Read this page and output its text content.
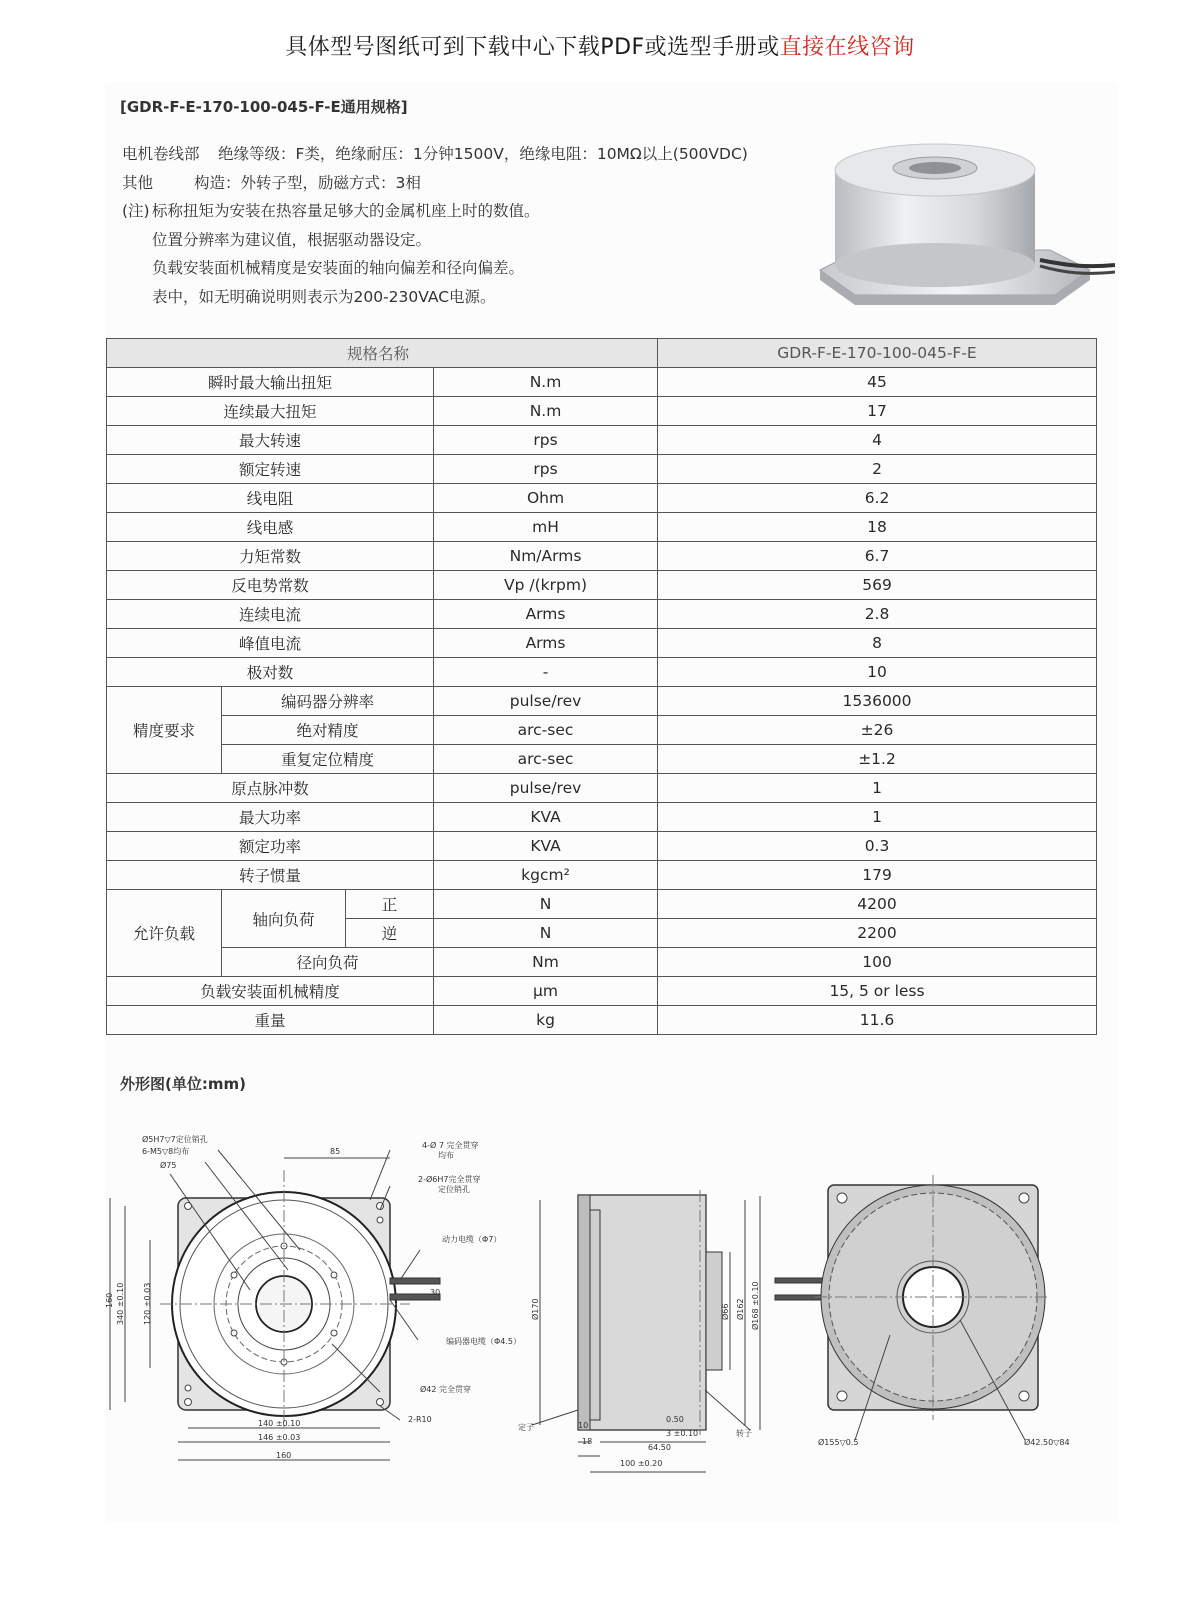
具体型号图纸可到下载中心下载PDF或选型手册或直接在线咨询
[GDR-F-E-170-100-045-F-E通用规格]
电机卷线部 绝缘等级：F类，绝缘耐压：1分钟1500V，绝缘电阻：10MΩ以上(500VDC)
其他	构造：外转子型，励磁方式：3相
(注) 标称扭矩为安装在热容量足够大的金属机座上时的数值。
位置分辨率为建议值，根据驱动器设定。
负载安装面机械精度是安装面的轴向偏差和径向偏差。
表中，如无明确说明则表示为200-230VAC电源。
规格名称				GDR-F-E-170-100-045-F-E
瞬时最大输出扭矩			N.m	45
连续最大扭矩			N.m	17
最大转速			rps	4
额定转速			rps	2
线电阻			Ohm	6.2
线电感			mH	18
力矩常数			Nm/Arms	6.7
反电势常数			Vp /(krpm)	569
连续电流			Arms	2.8
峰值电流			Arms	8
极对数			-	10
精度要求	编码器分辨率		pulse/rev	1536000
	绝对精度		arc-sec	±26
	重复定位精度		arc-sec	±1.2
原点脉冲数			pulse/rev	1
最大功率			KVA	1
额定功率			KVA	0.3
转子惯量			kgcm²	179
允许负载	轴向负荷	正	N	4200
		逆	N	2200
	径向负荷		Nm	100
负载安装面机械精度			μm	15, 5 or less
重量			kg	11.6
外形图(单位:mm)
Ø5H7▽7定位销孔
6-M5▽8均布
Ø75
85
4-Ø 7 完全贯穿
均布
2-Ø6H7完全贯穿
定位销孔
动力电缆（Φ7）
编码器电缆（Φ4.5）
30
Ø42 完全贯穿
2-R10
160 340 ±0.10 120 ±0.03
140 ±0.10
146 ±0.03
160
Ø170	Ø66 Ø162 Ø168 ±0.10
定子
转子
10
18
0.50
3 ±0.10
64.50
100 ±0.20
Ø155▽0.5	Ø42.50▽84
